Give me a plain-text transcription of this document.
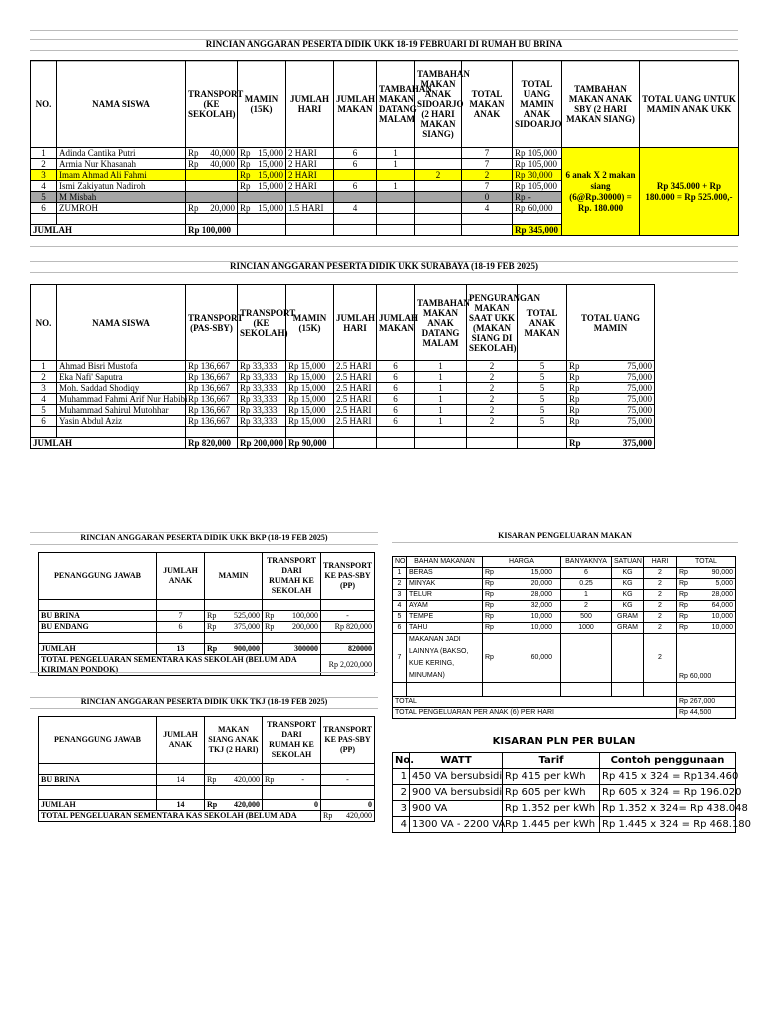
RINCIAN ANGGARAN PESERTA DIDIK UKK 18-19 FEBRUARI DI RUMAH BU BRINA
NO.	NAMA SISWA	TRANSPORT (KE SEKOLAH)	MAMIN (15K)	JUMLAH HARI	JUMLAH MAKAN	TAMBAHAN MAKAN DATANG MALAM	TAMBAHAN MAKAN ANAK SIDOARJO (2 HARI MAKAN SIANG)	TOTAL MAKAN ANAK	TOTAL UANG MAMIN ANAK SIDOARJO	TAMBAHAN MAKAN ANAK SBY (2 HARI MAKAN SIANG)	TOTAL UANG UNTUK MAMIN ANAK UKK
1	Adinda Cantika Putri	Rp 40,000	Rp 15,000	2 HARI	6	1		7	Rp 105,000	6 anak X 2 makan siang (6@Rp.30000) = Rp. 180.000	Rp 345.000 + Rp 180.000 = Rp 525.000,-
2	Armia Nur Khasanah	Rp 40,000	Rp 15,000	2 HARI	6	1		7	Rp 105,000		
3	Imam Ahmad Ali Fahmi		Rp 15,000	2 HARI			2	2	Rp 30,000		
4	Ismi Zakiyatun Nadiroh		Rp 15,000	2 HARI	6	1		7	Rp 105,000		
5	M Misbah							0	Rp -		
6	ZUMROH	Rp 20,000	Rp 15,000	1.5 HARI	4			4	Rp 60,000		

JUMLAH		Rp 100,000							Rp 345,000		
RINCIAN ANGGARAN PESERTA DIDIK UKK SURABAYA (18-19 FEB 2025)
NO.	NAMA SISWA	TRANSPORT (PAS-SBY)	TRANSPORT (KE SEKOLAH)	MAMIN (15K)	JUMLAH HARI	JUMLAH MAKAN	TAMBAHAN MAKAN ANAK DATANG MALAM	PENGURANGAN MAKAN SAAT UKK (MAKAN SIANG DI SEKOLAH)	TOTAL ANAK MAKAN	TOTAL UANG MAMIN
1	Ahmad Bisri Mustofa	Rp 136,667	Rp 33,333	Rp 15,000	2.5 HARI	6	1	2	5	Rp 75,000

2	Eka Nafi' Saputra	Rp 136,667	Rp 33,333	Rp 15,000	2.5 HARI	6	1	2	5	Rp 75,000

3	Moh. Saddad Shodiqy	Rp 136,667	Rp 33,333	Rp 15,000	2.5 HARI	6	1	2	5	Rp 75,000

4	Muhammad Fahmi Arif Nur Habibi	Rp 136,667	Rp 33,333	Rp 15,000	2.5 HARI	6	1	2	5	Rp 75,000

5	Muhammad Sahirul Mutohhar	Rp 136,667	Rp 33,333	Rp 15,000	2.5 HARI	6	1	2	5	Rp 75,000

6	Yasin Abdul Aziz	Rp 136,667	Rp 33,333	Rp 15,000	2.5 HARI	6	1	2	5	Rp 75,000

JUMLAH		Rp 820,000	Rp 200,000	Rp 90,000						Rp 375,000
RINCIAN ANGGARAN PESERTA DIDIK UKK BKP (18-19 FEB 2025)
PENANGGUNG JAWAB	JUMLAH ANAK	MAMIN	TRANSPORT DARI RUMAH KE SEKOLAH	TRANSPORT KE PAS-SBY (PP)

BU BRINA	7	Rp 525,000	Rp 100,000	-
BU ENDANG	6	Rp 375,000	Rp 200,000	Rp 820,000

JUMLAH	13	Rp 900,000	300000	820000
TOTAL PENGELUARAN SEMENTARA KAS SEKOLAH (BELUM ADA KIRIMAN PONDOK)				Rp 2,020,000
RINCIAN ANGGARAN PESERTA DIDIK UKK TKJ (18-19 FEB 2025)
PENANGGUNG JAWAB	JUMLAH ANAK	MAKAN SIANG ANAK TKJ (2 HARI)	TRANSPORT DARI RUMAH KE SEKOLAH	TRANSPORT KE PAS-SBY (PP)

BU BRINA	14	Rp 420,000	Rp -	-

JUMLAH	14	Rp 420,000	0	0
TOTAL PENGELUARAN SEMENTARA KAS SEKOLAH (BELUM ADA				Rp 420,000
KISARAN PENGELUARAN MAKAN
NO.	BAHAN MAKANAN	HARGA	BANYAKNYA	SATUAN	HARI	TOTAL
1	BERAS	Rp 15,000	6	KG	2	Rp 90,000

2	MINYAK	Rp 20,000	0.25	KG	2	Rp 5,000

3	TELUR	Rp 28,000	1	KG	2	Rp 28,000

4	AYAM	Rp 32,000	2	KG	2	Rp 64,000

5	TEMPE	Rp 10,000	500	GRAM	2	Rp 10,000

6	TAHU	Rp 10,000	1000	GRAM	2	Rp 10,000

7	MAKANAN JADI LAINNYA (BAKSO, KUE KERING, MINUMAN)	Rp 60,000			2	Rp 60,000

TOTAL						Rp 267,000
TOTAL PENGELUARAN PER ANAK (6) PER HARI						Rp 44,500
KISARAN PLN PER BULAN			
No.	WATT	Tarif	Contoh penggunaan
1	450 VA bersubsidi	Rp 415 per kWh	Rp 415 x 324 = Rp134.460
2	900 VA bersubsidi	Rp 605 per kWh	Rp 605 x 324 = Rp 196.020
3	900 VA	Rp 1.352 per kWh	Rp 1.352 x 324= Rp 438.048
4	1300 VA - 2200 VA	Rp 1.445 per kWh	Rp 1.445 x 324 = Rp 468.180
